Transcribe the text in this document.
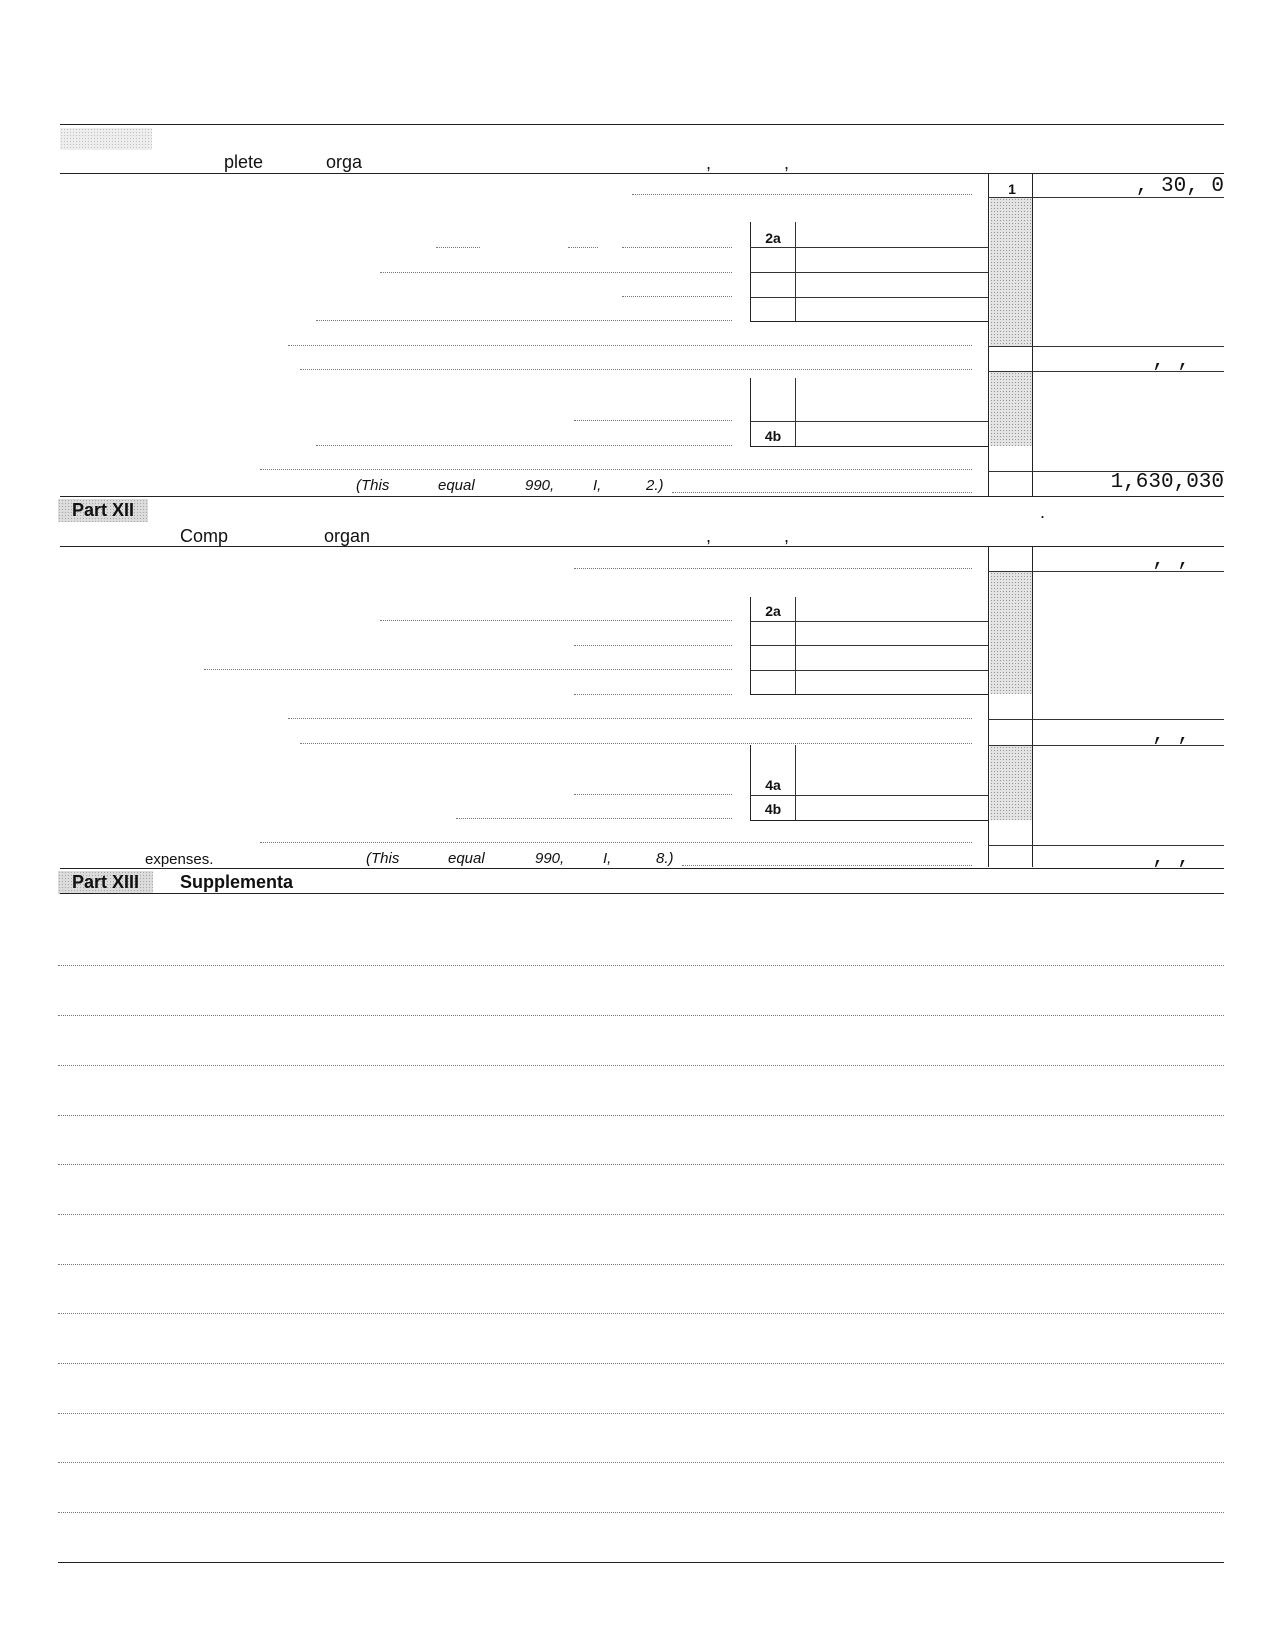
plete	orga	,	,
1	, 30, 0
2a
, ,
4b
(This	equal	990,	I,	2.)	1,630,030
Part XII	.
Comp	organ	,	,
, ,
2a
, ,
4a
4b
expenses.	(This	equal	990,	I,	8.)	, ,
Part XIII	Supplementa
